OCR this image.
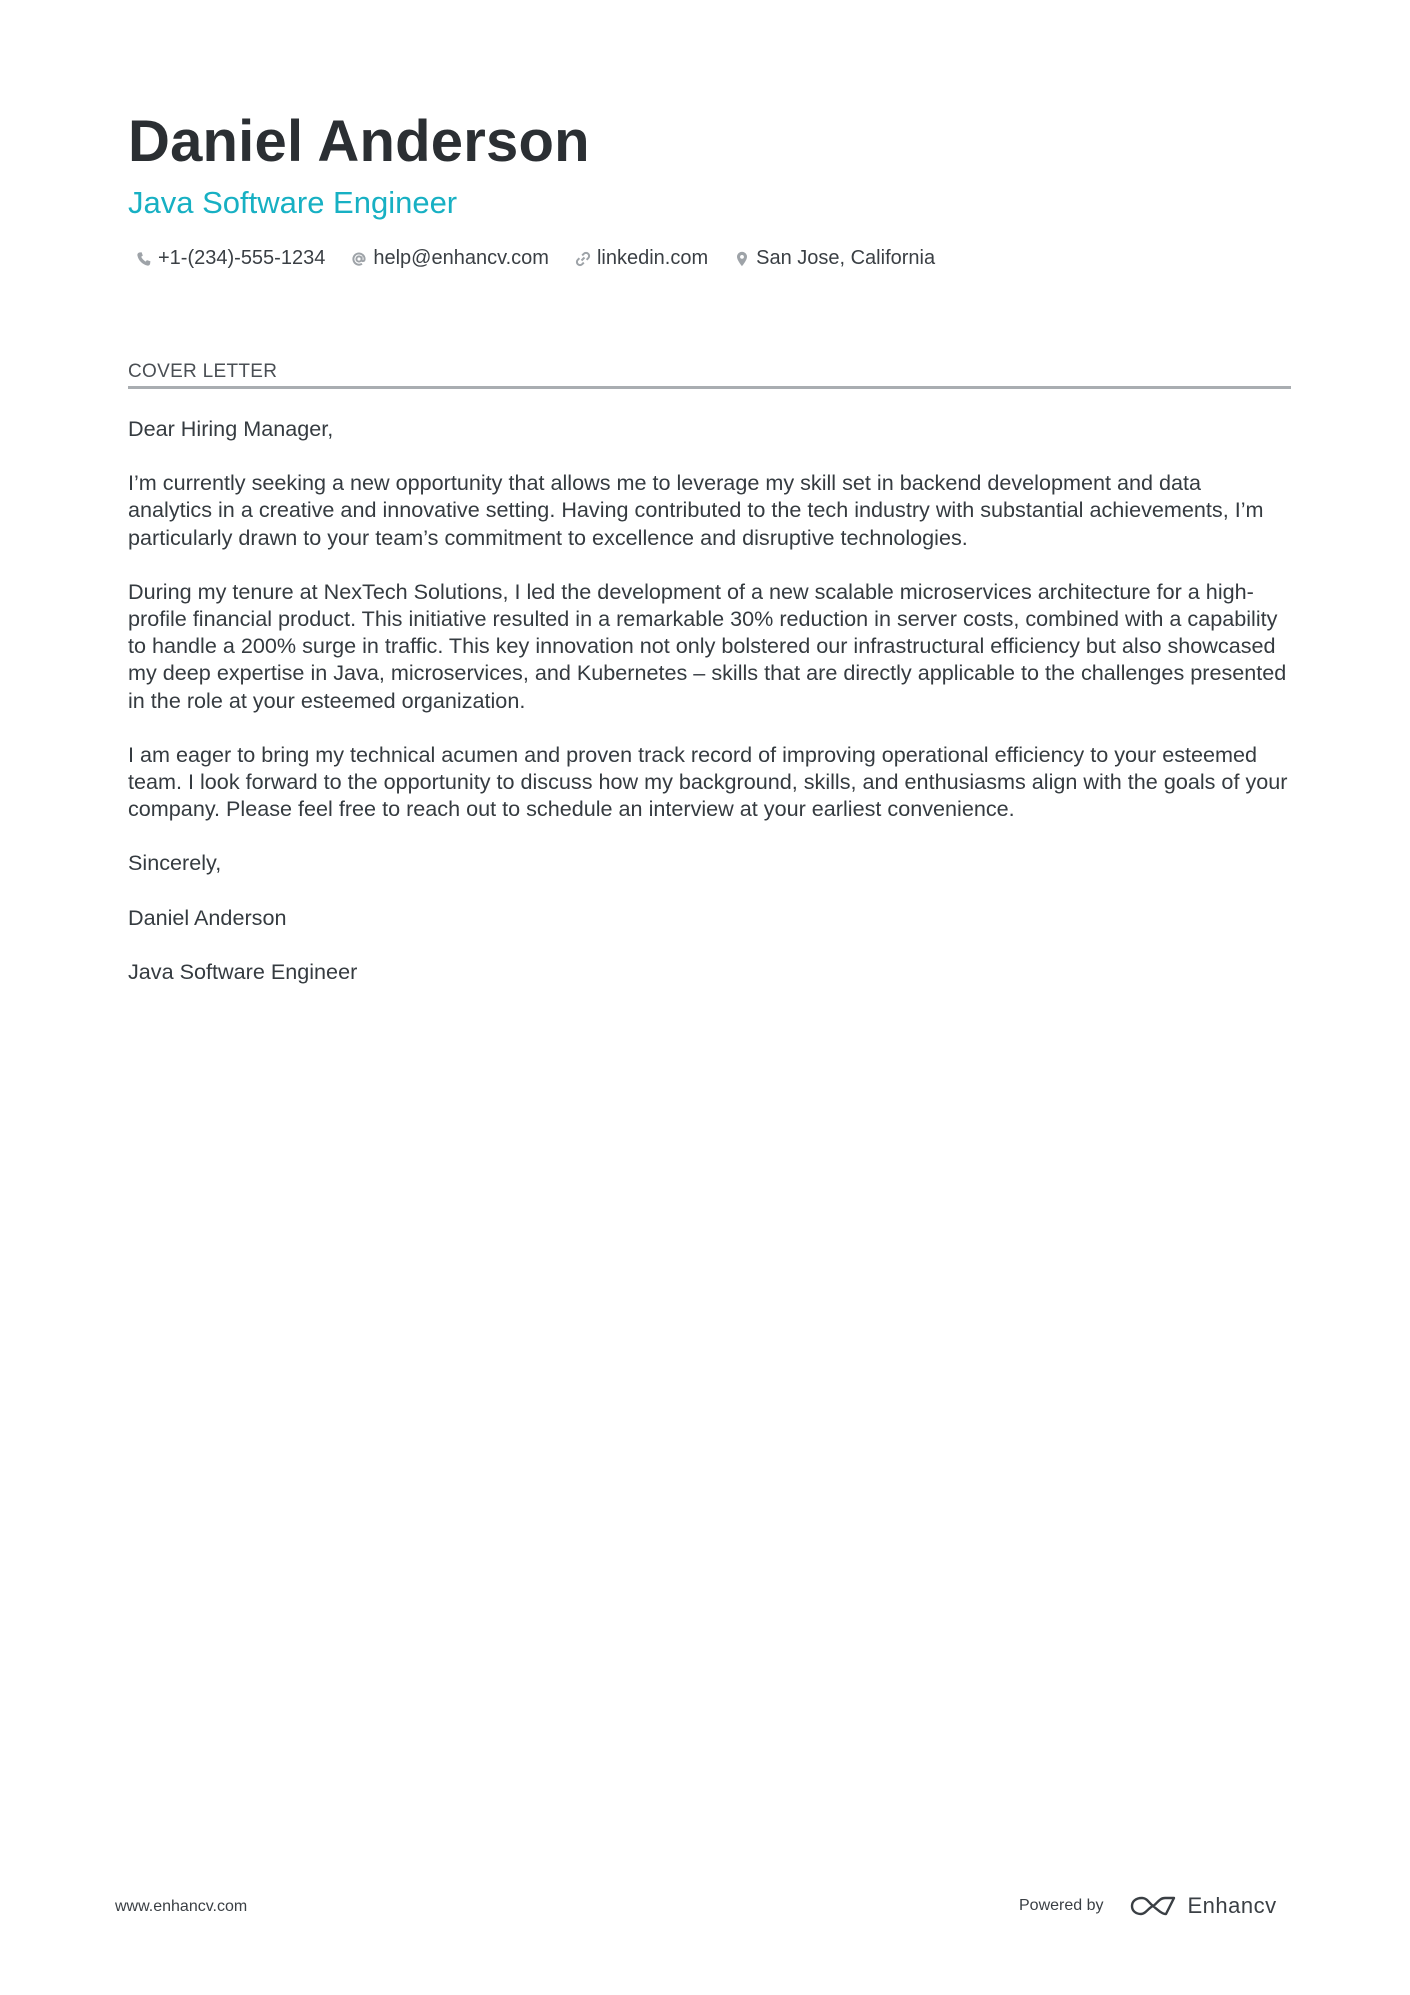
Daniel Anderson
Java Software Engineer
+1-(234)-555-1234 help@enhancv.com linkedin.com San Jose, California
COVER LETTER

Dear Hiring Manager,

I’m currently seeking a new opportunity that allows me to leverage my skill set in backend development and data analytics in a creative and innovative setting. Having contributed to the tech industry with substantial achievements, I’m particularly drawn to your team’s commitment to excellence and disruptive technologies.

During my tenure at NexTech Solutions, I led the development of a new scalable microservices architecture for a high-profile financial product. This initiative resulted in a remarkable 30% reduction in server costs, combined with a capability to handle a 200% surge in traffic. This key innovation not only bolstered our infrastructural efficiency but also showcased my deep expertise in Java, microservices, and Kubernetes – skills that are directly applicable to the challenges presented in the role at your esteemed organization.

I am eager to bring my technical acumen and proven track record of improving operational efficiency to your esteemed team. I look forward to the opportunity to discuss how my background, skills, and enthusiasms align with the goals of your company. Please feel free to reach out to schedule an interview at your earliest convenience.

Sincerely,

Daniel Anderson

Java Software Engineer

www.enhancv.com	Powered by	Enhancv
